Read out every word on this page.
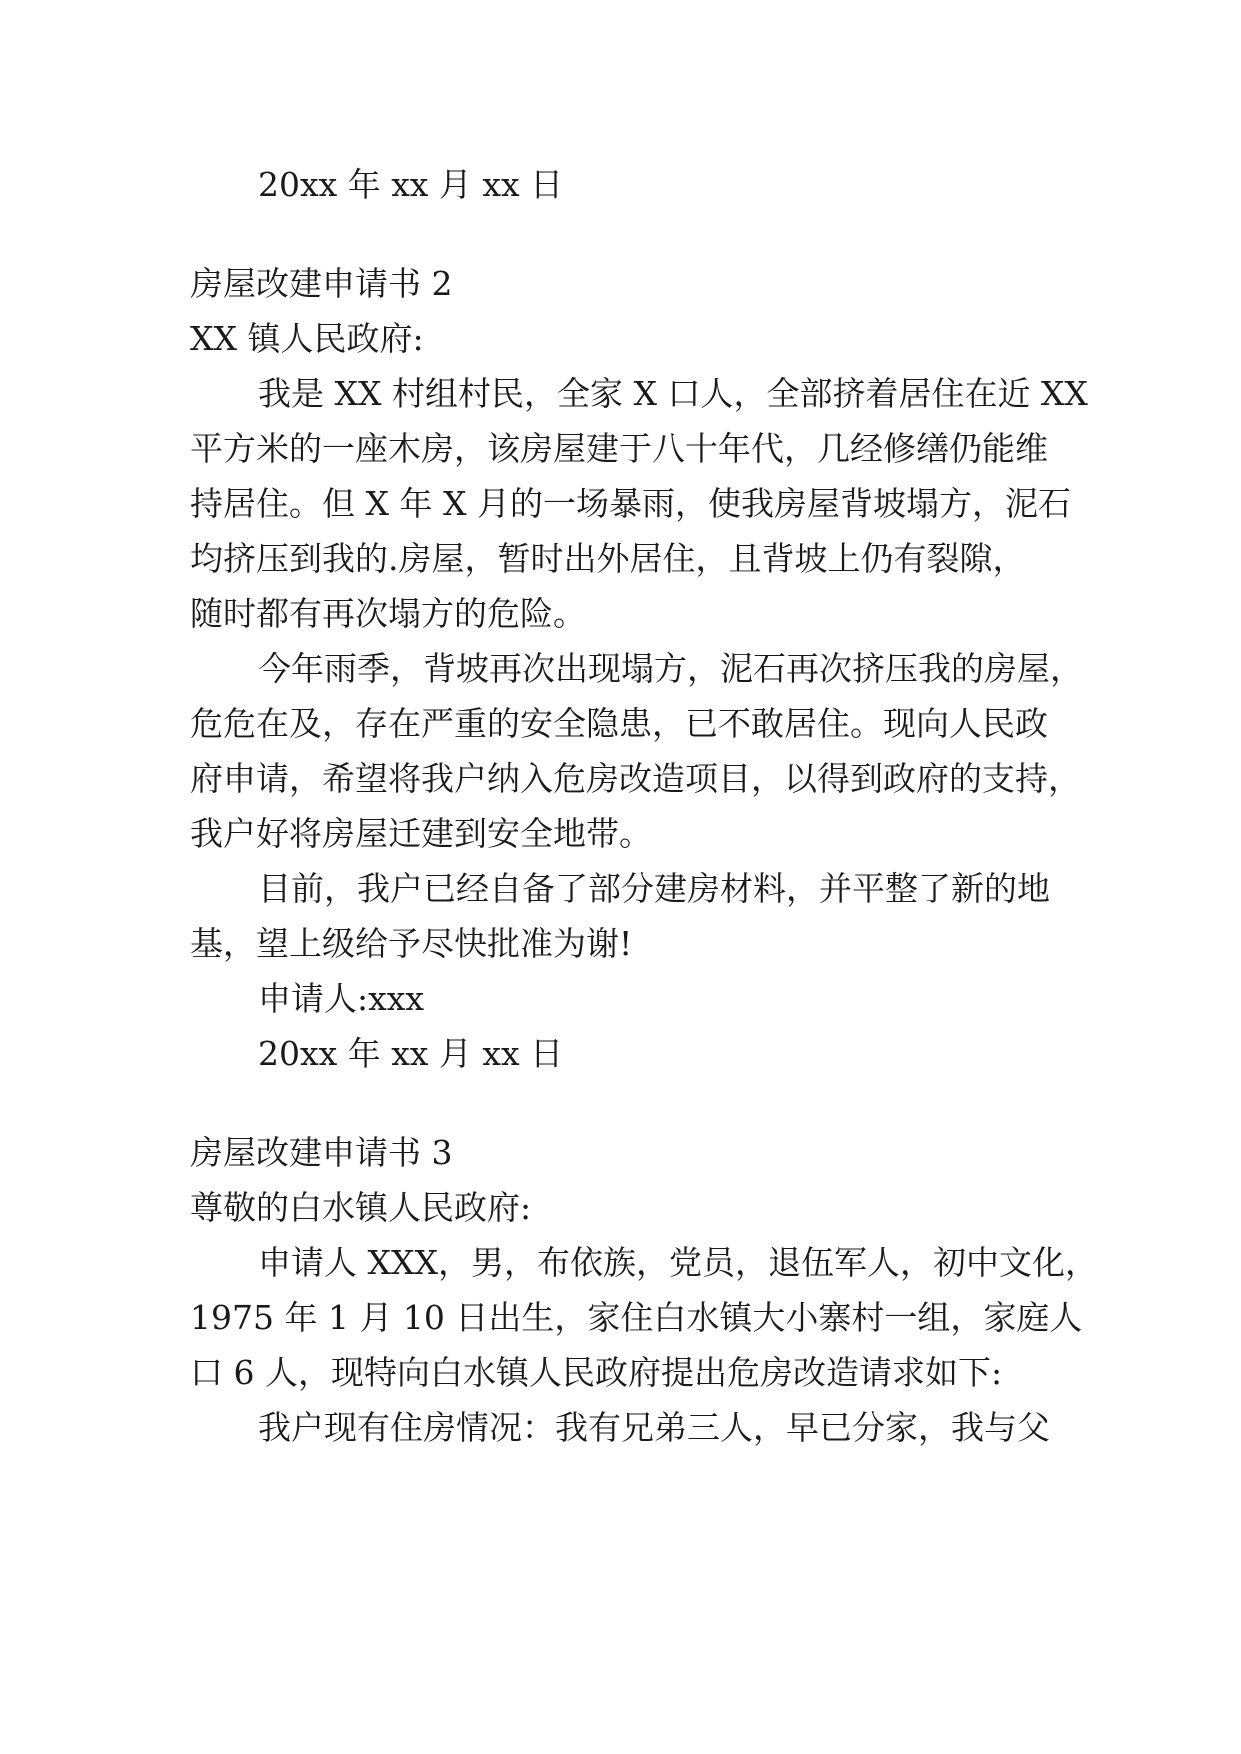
20xx 年 xx 月 xx 日

房屋改建申请书 2

XX 镇人民政府:

我是 XX 村组村民，全家 X 口人，全部挤着居住在近 XX

平方米的一座木房，该房屋建于八十年代，几经修缮仍能维

持居住。但 X 年 X 月的一场暴雨，使我房屋背坡塌方，泥石

均挤压到我的.房屋，暂时出外居住，且背坡上仍有裂隙，

随时都有再次塌方的危险。

今年雨季，背坡再次出现塌方，泥石再次挤压我的房屋，

危危在及，存在严重的安全隐患，已不敢居住。现向人民政

府申请，希望将我户纳入危房改造项目，以得到政府的支持，

我户好将房屋迁建到安全地带。

目前，我户已经自备了部分建房材料，并平整了新的地

基，望上级给予尽快批准为谢!

申请人:xxx

20xx 年 xx 月 xx 日

房屋改建申请书 3

尊敬的白水镇人民政府:

申请人 XXX，男，布依族，党员，退伍军人，初中文化，

1975 年 1 月 10 日出生，家住白水镇大小寨村一组，家庭人

口 6 人，现特向白水镇人民政府提出危房改造请求如下:

我户现有住房情况：我有兄弟三人，早已分家，我与父
